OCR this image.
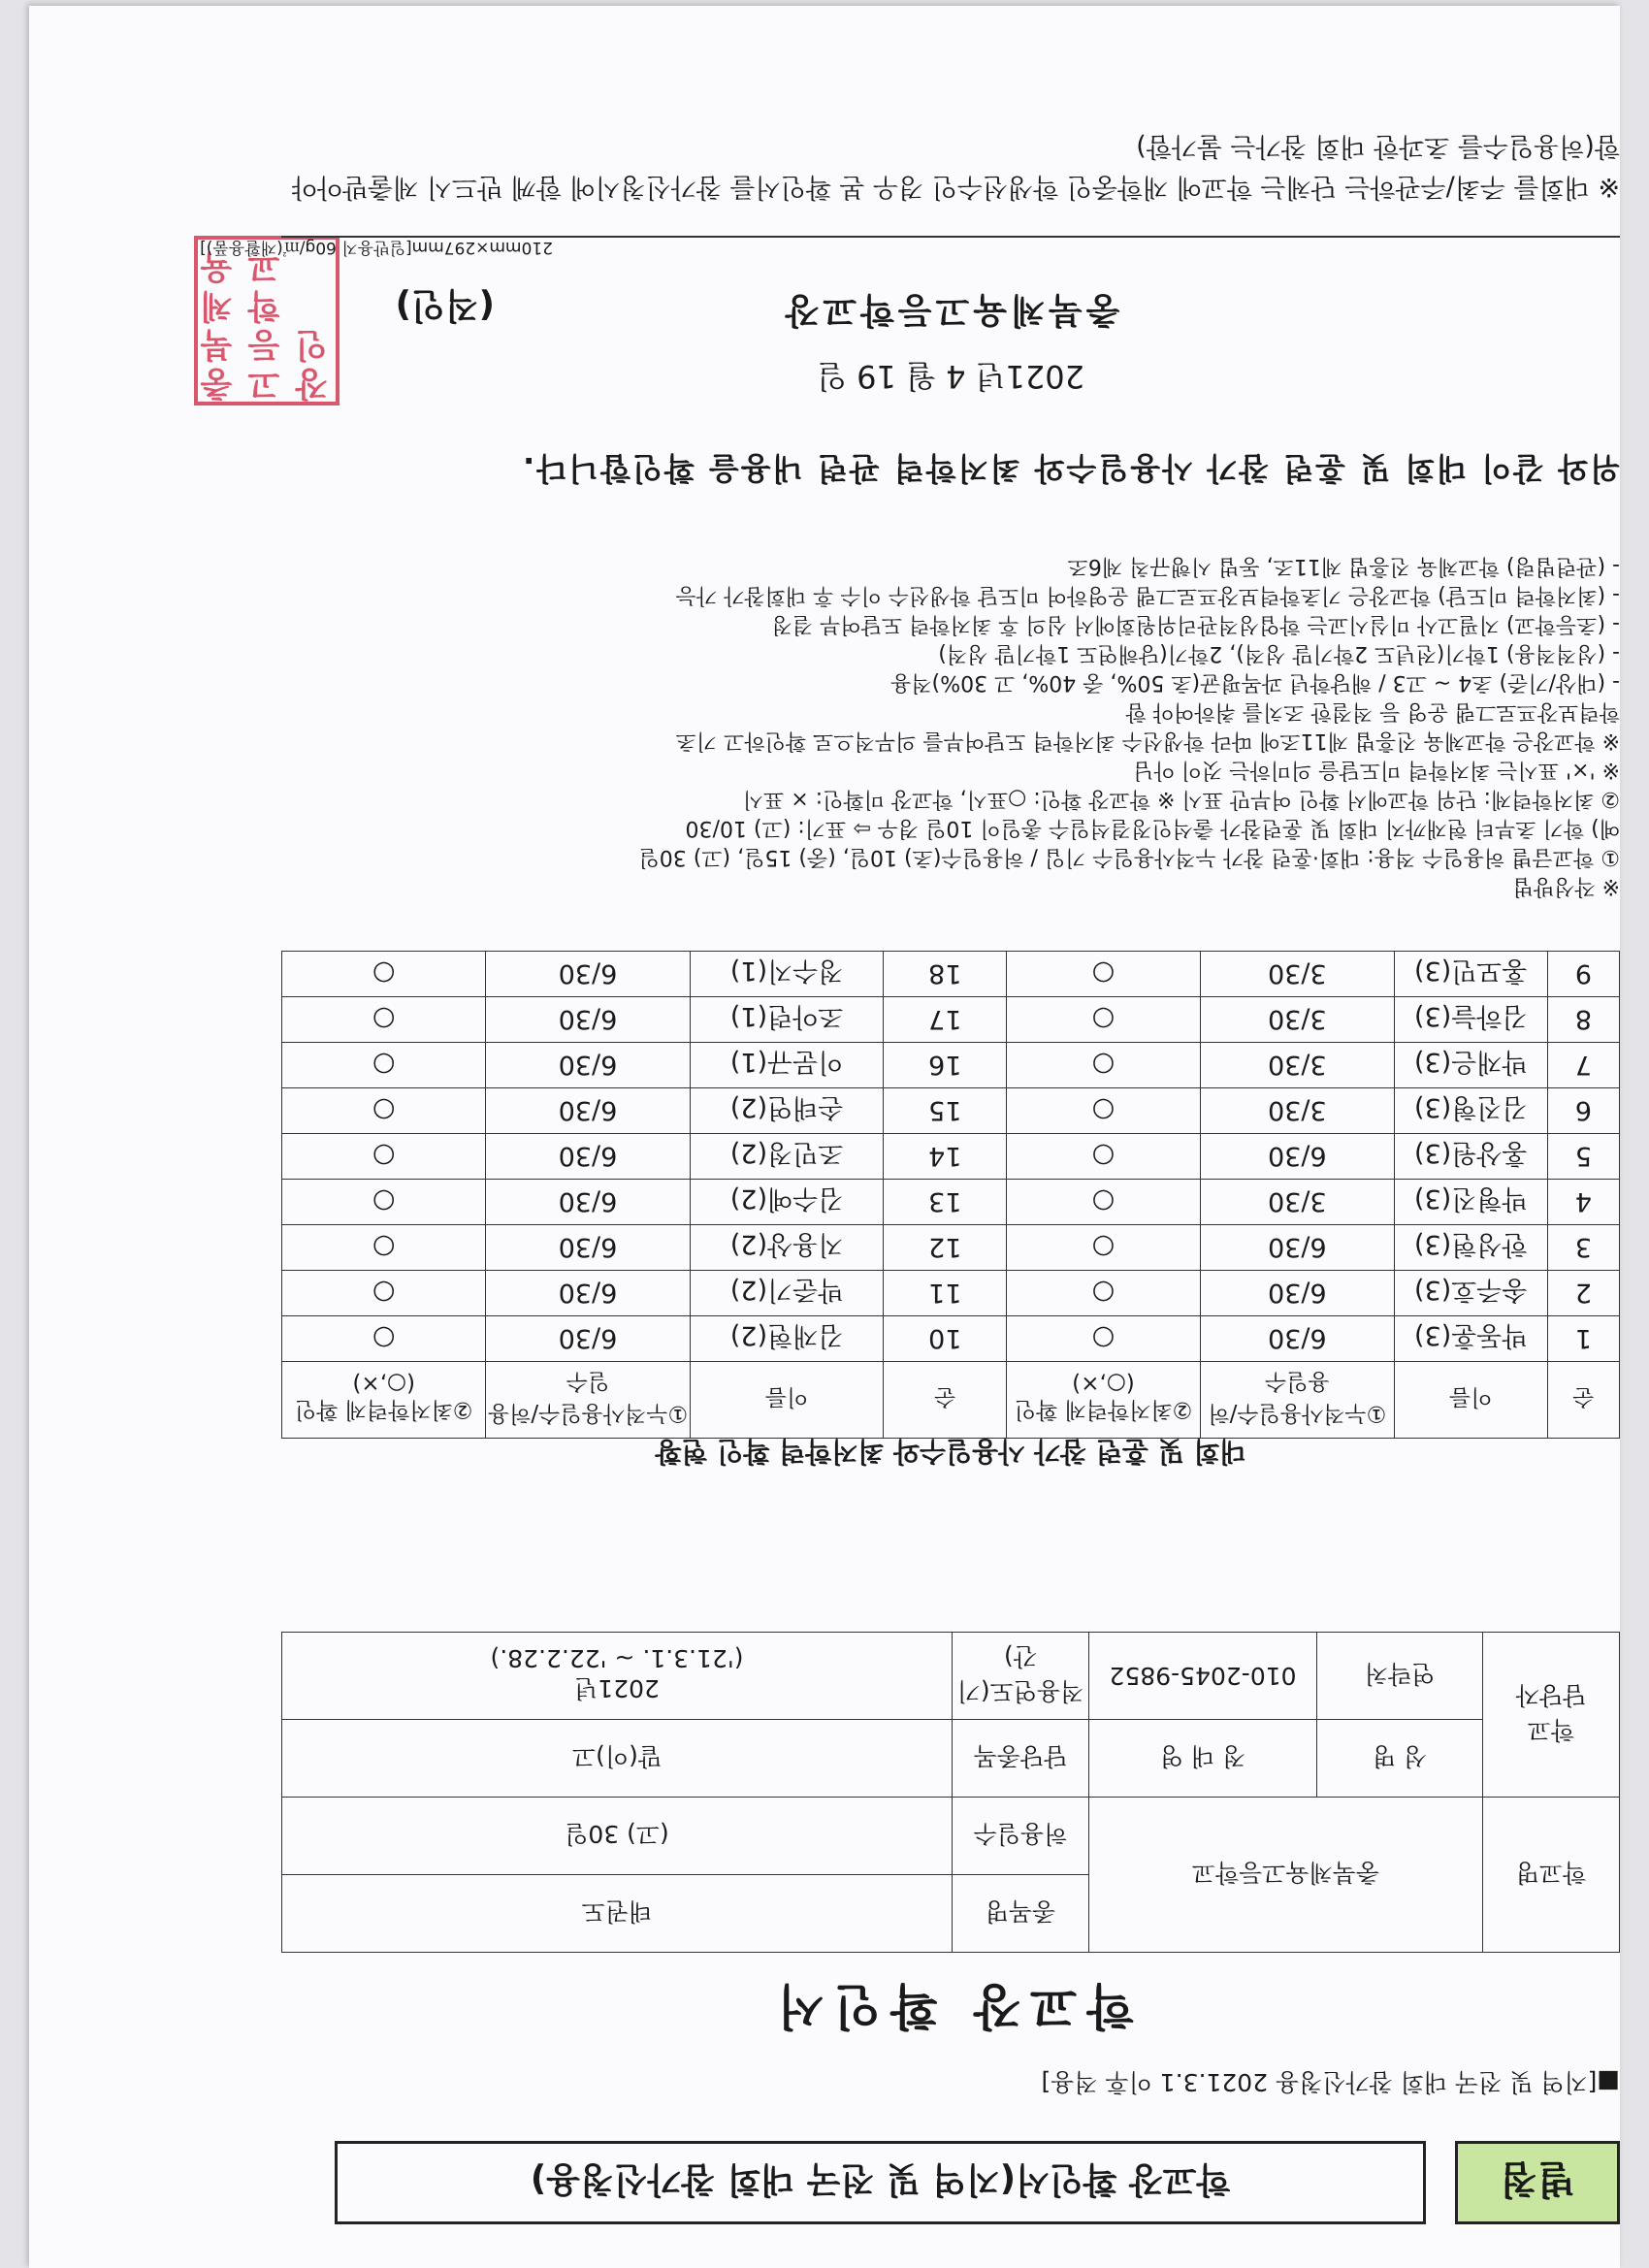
별첨
학교장 확인서(지역 및 전국 대회 참가신청용)
■[지역 및 전국 대회 참가신청용 2021.3.1 이후 적용]
학교장 확인서
학교명	충북체육고등학교		종목명	태권도
			허용일수	(고) 30일
학교
담당자	성 명	정 대 영	담당종목	맡(이)고
	연락처	010-2045-9852	적용연도(기간)	2021년
('21.3.1. ~ '22.2.28.)
대회 및 훈련 참가 사용일수와 최저학력 확인 현황
순	이름	①누적사용일수/허용일수	②최저학력제 확인(○,×)	순	이름	①누적사용일수/허용일수	②최저학력제 확인(○,×)
1	박동훈(3)	6/30	○	10	김재현(2)	6/30	○
2	송주호(3)	6/30	○	11	박준기(2)	6/30	○
3	한성현(3)	6/30	○	12	지용상(2)	6/30	○
4	박형진(3)	3/30	○	13	김수예(2)	6/30	○
5	홍상원(3)	6/30	○	14	조민정(2)	6/30	○
6	김진형(3)	3/30	○	15	손태연(2)	6/30	○
7	박재은(3)	3/30	○	16	이문규(1)	6/30	○
8	김하늘(3)	3/30	○	17	조아련(1)	6/30	○
9	홍모민(3)	3/30	○	18	정수지(1)	6/30	○
※ 작성방법
① 학교급별 허용일수 적용: 대회·훈련 참가 누적사용일수 기입 / 허용일수(초) 10일, (중) 15일, (고) 30일
예) 학기 초부터 현재까지 대회 및 훈련참가 출석인정결석일수 총일이 10일 경우 ⇨ 표기: (고) 10/30
② 최저학력제: 단위 학교에서 확인 여부만 표시 ※ 학교장 확인: ○표시, 학교장 미확인: × 표시
※ '×' 표시는 최저학력 미도달을 의미하는 것이 아님
※ 학교장은 학교체육 진흥법 제11조에 따라 학생선수 최저학력 도달여부를 의무적으로 확인하고 기초
학력보장프로그램 운영 등 적절한 조치를 취하여야 함
- (대상/기준) 초4 ~ 고3 / 해당학년 과목평균(초 50%, 중 40%, 고 30%)적용
- (성적적용) 1학기(전년도 2학기말 성적), 2학기(당해연도 1학기말 성적)
- (초등학교) 지필고사 미실시교는 학업성적관리위원회에서 심의 후 최저학력 도달여부 결정
- (최저학력 미도달) 학교장은 기초학력보장프로그램 운영하여 미도달 학생선수 이수 후 대회참가 가능
- (관련법령) 학교체육 진흥법 제11조, 동법 시행규칙 제6조
위와 같이 대회 및 훈련 참가 사용일수와 최저학력 관련 내용을 확인합니다.
2021년 4 월 19 일
충북체육고등학교장
(직인)
충북체육고등학교장인
210mm×297mm[일반용지 60g/㎡(재활용품)]
※ 대회를 주최/주관하는 단체는 학교에 재학중인 학생선수인 경우 본 확인서를 참가신청시에 함께 반드시 제출받아야 함(허용일수를 초과한 대회 참가는 불가함)
